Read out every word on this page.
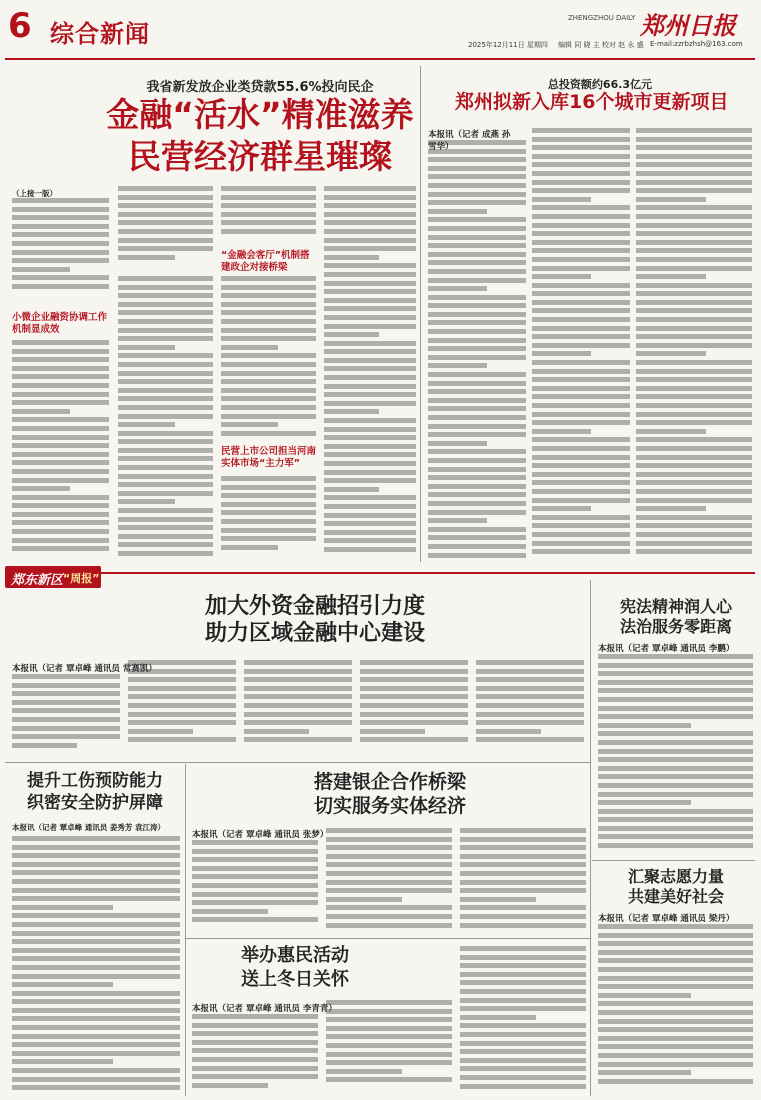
6 综合新闻
ZHENGZHOU DAILY 郑州日报
2025年12月11日 星期四 编辑 同 晓 主 校对 赵 永 盛 E-mail:zzrbzhsh@163.com
我省新发放企业类贷款55.6%投向民企
金融“活水”精准滋养
民营经济群星璀璨
（上接一版）
小微企业融资协调工作机制显成效
“金融会客厅”机制搭建政企对接桥梁
民营上市公司担当河南实体市场“主力军”
总投资额约66.3亿元
郑州拟新入库16个城市更新项目
本报讯（记者 成燕 孙雪华）
郑东新区 “周报”
加大外资金融招引力度
助力区域金融中心建设
本报讯（记者 覃卓峰 通讯员 常赛凯）
宪法精神润人心
法治服务零距离
本报讯（记者 覃卓峰 通讯员 李鹏）
提升工伤预防能力
织密安全防护屏障
本报讯（记者 覃卓峰 通讯员 姜秀芳 袁江涛）
搭建银企合作桥梁
切实服务实体经济
本报讯（记者 覃卓峰 通讯员 张梦）
汇聚志愿力量
共建美好社会
本报讯（记者 覃卓峰 通讯员 梁丹）
举办惠民活动
送上冬日关怀
本报讯（记者 覃卓峰 通讯员 李青青）
